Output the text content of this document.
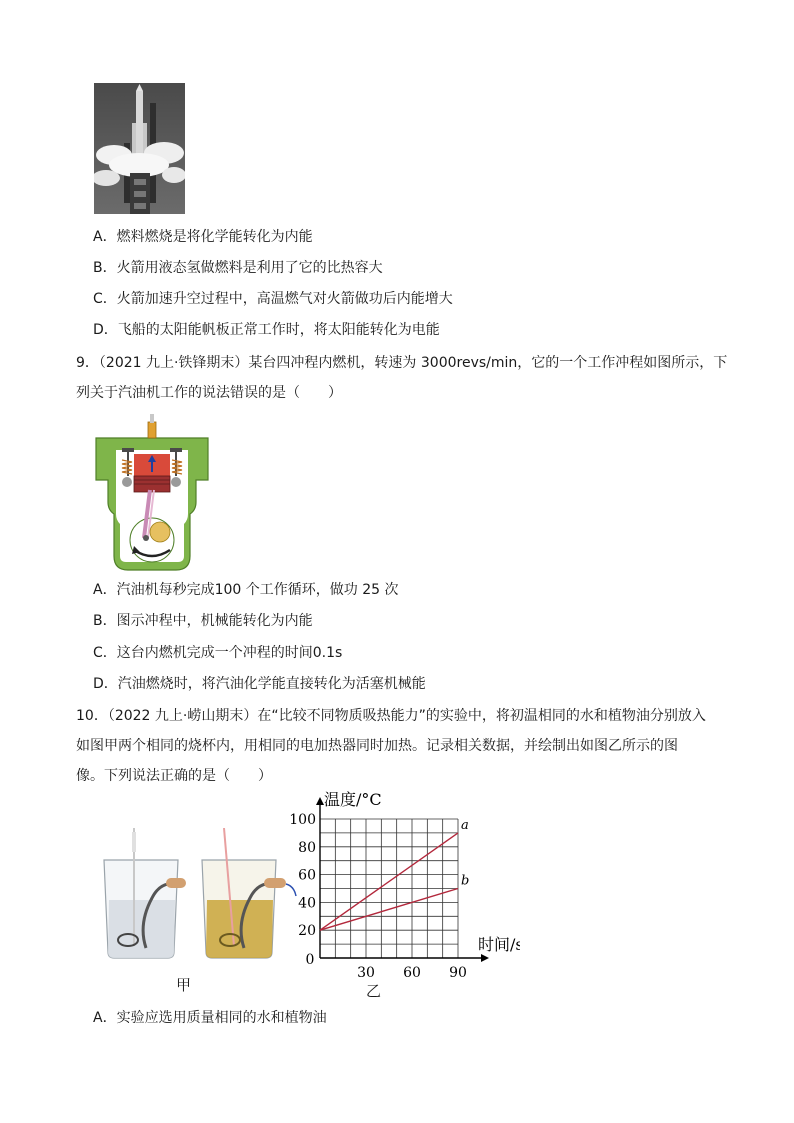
A．燃料燃烧是将化学能转化为内能
B．火箭用液态氢做燃料是利用了它的比热容大
C．火箭加速升空过程中，高温燃气对火箭做功后内能增大
D．飞船的太阳能帆板正常工作时，将太阳能转化为电能
9．（2021 九上·铁锋期末）某台四冲程内燃机，转速为 3000revs/min，它的一个工作冲程如图所示，下
列关于汽油机工作的说法错误的是（　　）
A．汽油机每秒完成100 个工作循环，做功 25 次
B．图示冲程中，机械能转化为内能
C．这台内燃机完成一个冲程的时间0.1s
D．汽油燃烧时，将汽油化学能直接转化为活塞机械能
10．（2022 九上·崂山期末）在“比较不同物质吸热能力”的实验中，将初温相同的水和植物油分别放入
如图甲两个相同的烧杯内，用相同的电加热器同时加热。记录相关数据，并绘制出如图乙所示的图
像。下列说法正确的是（　　）
甲
a
b
20
40
60
80
100
30 60 90
0
温度/°C
时间/s
乙
A．实验应选用质量相同的水和植物油
